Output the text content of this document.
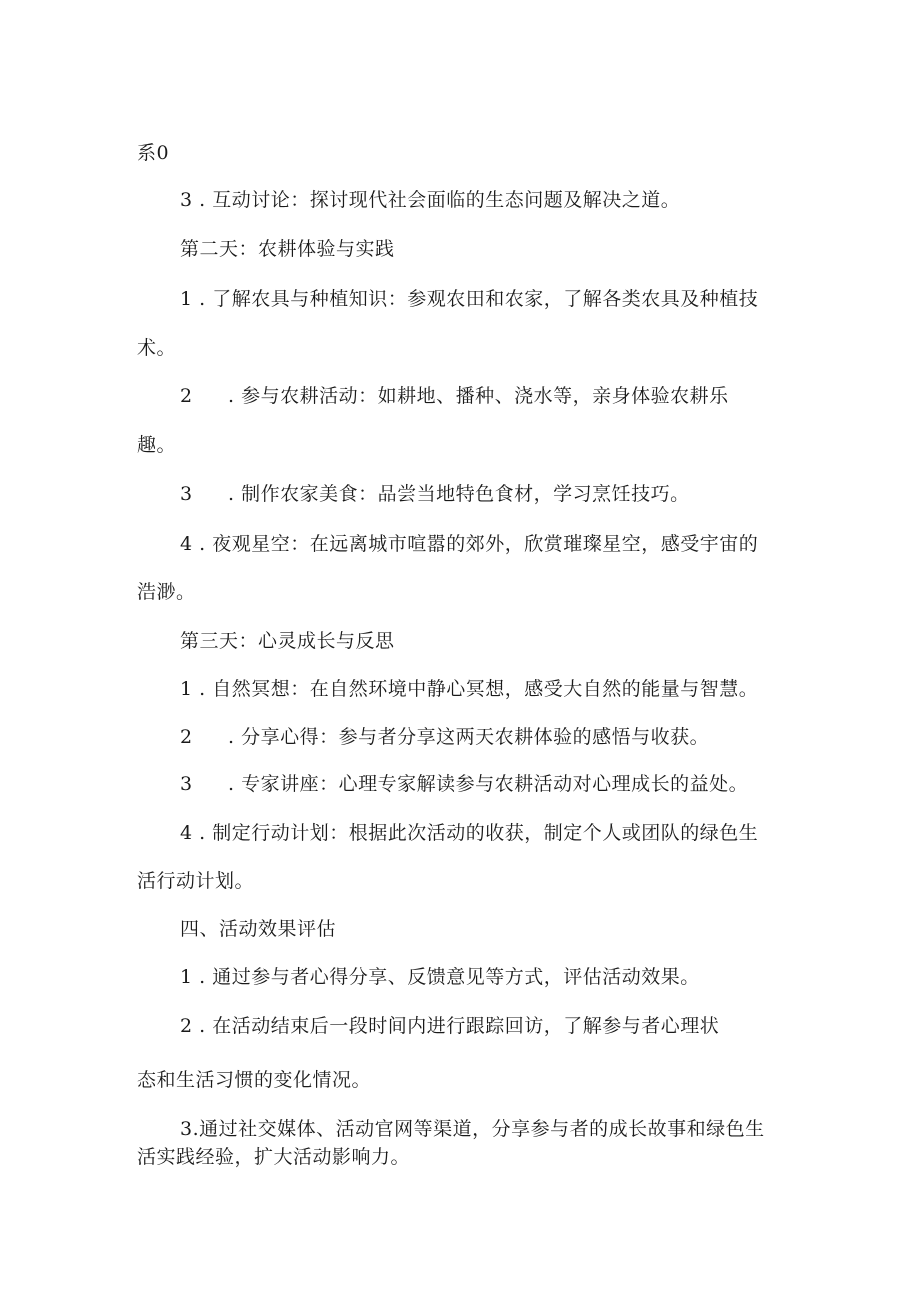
系0
3 . 互动讨论：探讨现代社会面临的生态问题及解决之道。
第二天：农耕体验与实践
1 . 了解农具与种植知识：参观农田和农家，了解各类农具及种植技
术。
2 . 参与农耕活动：如耕地、播种、浇水等，亲身体验农耕乐
趣。
3 . 制作农家美食：品尝当地特色食材，学习烹饪技巧。
4 . 夜观星空：在远离城市喧嚣的郊外，欣赏璀璨星空，感受宇宙的
浩渺。
第三天：心灵成长与反思
1 . 自然冥想：在自然环境中静心冥想，感受大自然的能量与智慧。
2 . 分享心得：参与者分享这两天农耕体验的感悟与收获。
3 . 专家讲座：心理专家解读参与农耕活动对心理成长的益处。
4 . 制定行动计划：根据此次活动的收获，制定个人或团队的绿色生
活行动计划。
四、活动效果评估
1 . 通过参与者心得分享、反馈意见等方式，评估活动效果。
2 . 在活动结束后一段时间内进行跟踪回访，了解参与者心理状
态和生活习惯的变化情况。
3.通过社交媒体、活动官网等渠道，分享参与者的成长故事和绿色生
活实践经验，扩大活动影响力。
